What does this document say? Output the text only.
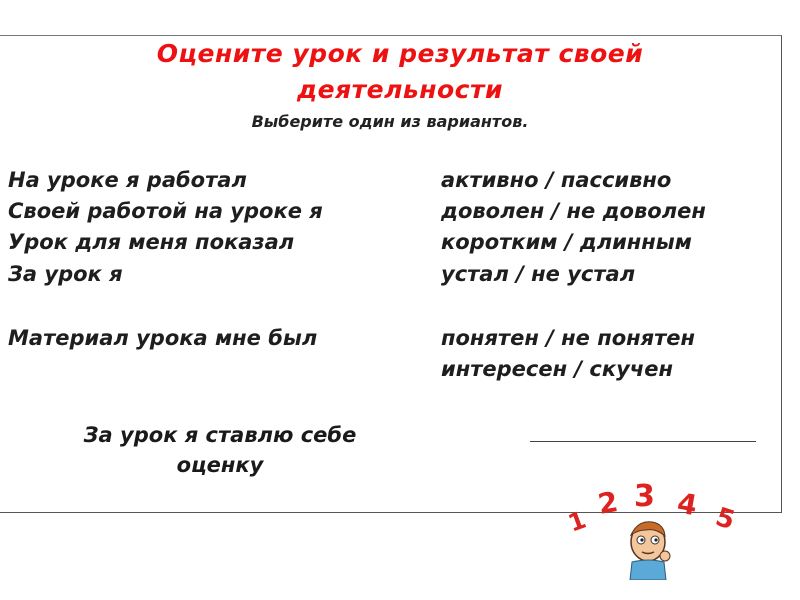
Оцените урок и результат своей
деятельности
Выберите один из вариантов.
На уроке я работал	активно / пассивно
Своей работой на уроке я	доволен / не доволен
Урок для меня показал	коротким / длинным
За урок я	устал / не устал
Материал урока мне был	понятен / не понятен
интересен / скучен
За урок я ставлю себе
оценку
1
2 3 4 5
